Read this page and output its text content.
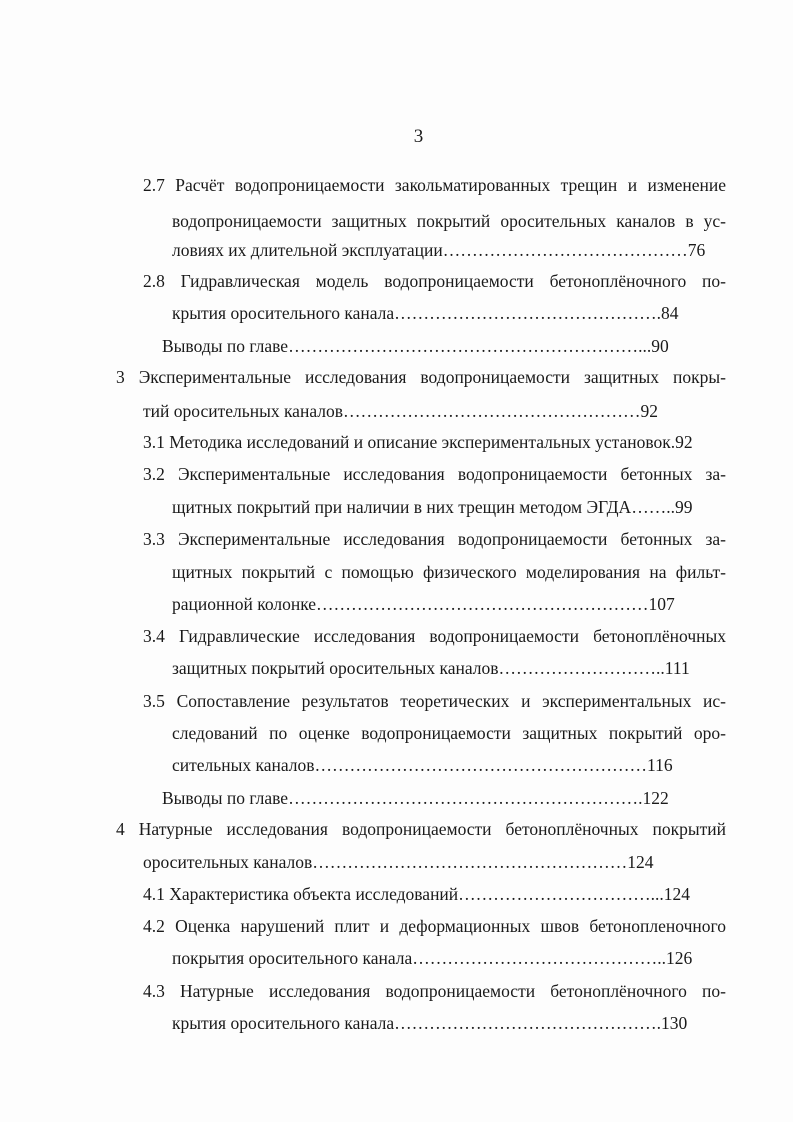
3
2.7 Расчёт водопроницаемости закольматированных трещин и изменение
водопроницаемости защитных покрытий оросительных каналов в ус-
ловиях их длительной эксплуатации……………………………………76
2.8 Гидравлическая модель водопроницаемости бетоноплёночного по-
крытия оросительного канала……………………………………….84
Выводы по главе……………………………………………………...90
3 Экспериментальные исследования водопроницаемости защитных покры-
тий оросительных каналов……………………………………………92
3.1 Методика исследований и описание экспериментальных установок.92
3.2 Экспериментальные исследования водопроницаемости бетонных за-
щитных покрытий при наличии в них трещин методом ЭГДА……..99
3.3 Экспериментальные исследования водопроницаемости бетонных за-
щитных покрытий с помощью физического моделирования на фильт-
рационной колонке…………………………………………………107
3.4 Гидравлические исследования водопроницаемости бетоноплёночных
защитных покрытий оросительных каналов………………………..111
3.5 Сопоставление результатов теоретических и экспериментальных ис-
следований по оценке водопроницаемости защитных покрытий оро-
сительных каналов…………………………………………………116
Выводы по главе…………………………………………………….122
4 Натурные исследования водопроницаемости бетоноплёночных покрытий
оросительных каналов………………………………………………124
4.1 Характеристика объекта исследований……………………………...124
4.2 Оценка нарушений плит и деформационных швов бетонопленочного
покрытия оросительного канала……………………………………..126
4.3 Натурные исследования водопроницаемости бетоноплёночного по-
крытия оросительного канала……………………………………….130
